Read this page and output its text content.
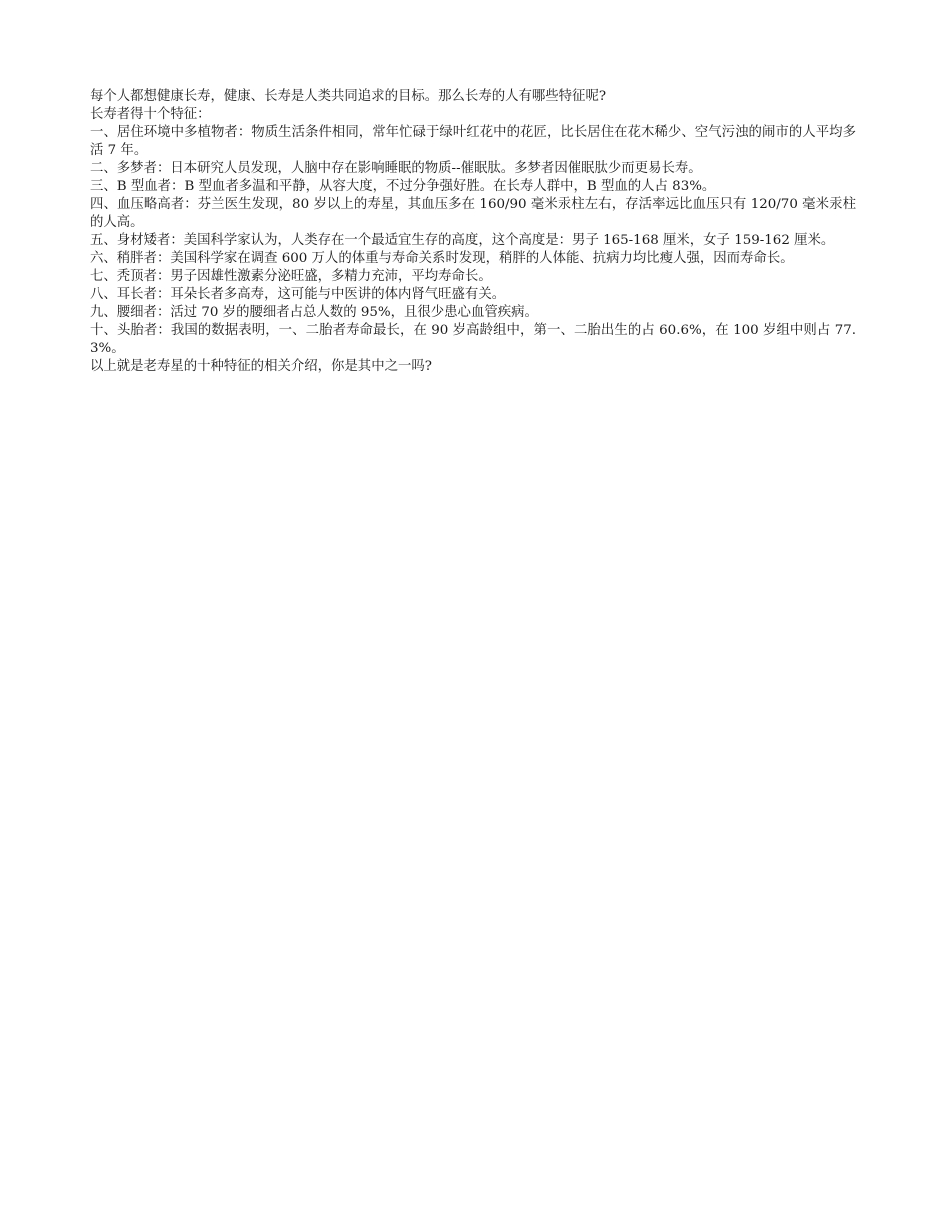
每个人都想健康长寿，健康、长寿是人类共同追求的目标。那么长寿的人有哪些特征呢?

长寿者得十个特征：

一、居住环境中多植物者：物质生活条件相同，常年忙碌于绿叶红花中的花匠，比长居住在花木稀少、空气污浊的闹市的人平均多活 7 年。

二、多梦者：日本研究人员发现，人脑中存在影响睡眠的物质--催眠肽。多梦者因催眠肽少而更易长寿。

三、B 型血者：B 型血者多温和平静，从容大度，不过分争强好胜。在长寿人群中，B 型血的人占 83%。

四、血压略高者：芬兰医生发现，80 岁以上的寿星，其血压多在 160/90 毫米汞柱左右，存活率远比血压只有 120/70 毫米汞柱的人高。

五、身材矮者：美国科学家认为，人类存在一个最适宜生存的高度，这个高度是：男子 165-168 厘米，女子 159-162 厘米。

六、稍胖者：美国科学家在调查 600 万人的体重与寿命关系时发现，稍胖的人体能、抗病力均比瘦人强，因而寿命长。

七、秃顶者：男子因雄性激素分泌旺盛，多精力充沛，平均寿命长。

八、耳长者：耳朵长者多高寿，这可能与中医讲的体内肾气旺盛有关。

九、腰细者：活过 70 岁的腰细者占总人数的 95%，且很少患心血管疾病。

十、头胎者：我国的数据表明，一、二胎者寿命最长，在 90 岁高龄组中，第一、二胎出生的占 60.6%，在 100 岁组中则占 77.3%。

以上就是老寿星的十种特征的相关介绍，你是其中之一吗?
